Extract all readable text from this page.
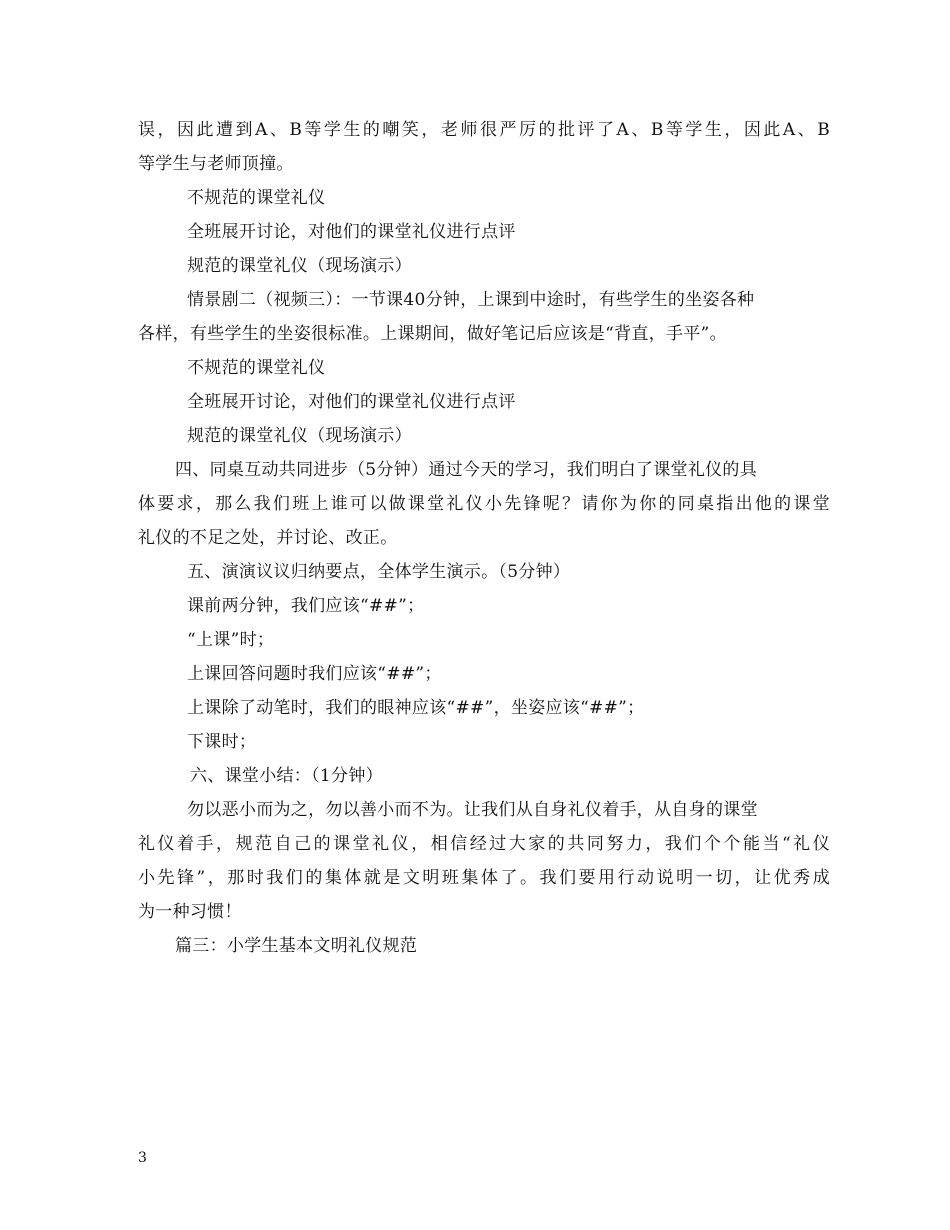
误，因此遭到A、B等学生的嘲笑，老师很严厉的批评了A、B等学生，因此A、B
等学生与老师顶撞。
不规范的课堂礼仪
全班展开讨论，对他们的课堂礼仪进行点评
规范的课堂礼仪（现场演示）
情景剧二（视频三）：一节课40分钟，上课到中途时，有些学生的坐姿各种
各样，有些学生的坐姿很标准。上课期间，做好笔记后应该是“背直，手平”。
不规范的课堂礼仪
全班展开讨论，对他们的课堂礼仪进行点评
规范的课堂礼仪（现场演示）
四、同桌互动共同进步（5分钟）通过今天的学习，我们明白了课堂礼仪的具
体要求，那么我们班上谁可以做课堂礼仪小先锋呢？请你为你的同桌指出他的课堂
礼仪的不足之处，并讨论、改正。
五、演演议议归纳要点，全体学生演示。（5分钟）
课前两分钟，我们应该“##”；
“上课”时；
上课回答问题时我们应该“##”；
上课除了动笔时，我们的眼神应该“##”，坐姿应该“##”；
下课时；
六、课堂小结：（1分钟）
勿以恶小而为之，勿以善小而不为。让我们从自身礼仪着手，从自身的课堂
礼仪着手，规范自己的课堂礼仪，相信经过大家的共同努力，我们个个能当“礼仪
小先锋”，那时我们的集体就是文明班集体了。我们要用行动说明一切，让优秀成
为一种习惯！
篇三：小学生基本文明礼仪规范
3
